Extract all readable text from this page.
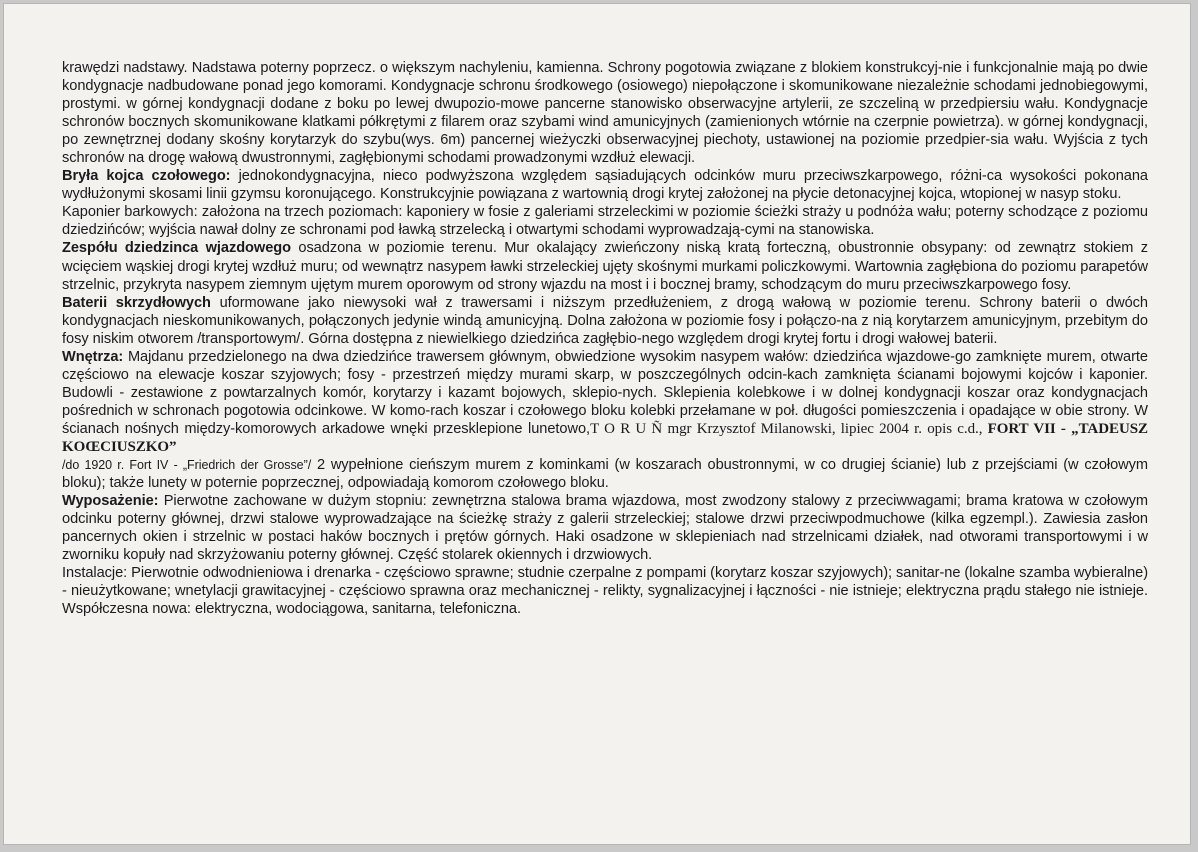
krawędzi nadstawy. Nadstawa poterny poprzecz. o większym nachyleniu, kamienna. Schrony pogotowia związane z blokiem konstrukcyj-nie i funkcjonalnie mają po dwie kondygnacje nadbudowane ponad jego komorami. Kondygnacje schronu środkowego (osiowego) niepołączone i skomunikowane niezależnie schodami jednobiegowymi, prostymi. w górnej kondygnacji dodane z boku po lewej dwupozio-mowe pancerne stanowisko obserwacyjne artylerii, ze szczeliną w przedpiersiu wału. Kondygnacje schronów bocznych skomunikowane klatkami półkrętymi z filarem oraz szybami wind amunicyjnych (zamienionych wtórnie na czerpnie powietrza). w górnej kondygnacji, po zewnętrznej dodany skośny korytarzyk do szybu(wys. 6m) pancernej wieżyczki obserwacyjnej piechoty, ustawionej na poziomie przedpier-sia wału. Wyjścia z tych schronów na drogę wałową dwustronnymi, zagłębionymi schodami prowadzonymi wzdłuż elewacji.

Bryła kojca czołowego: jednokondygnacyjna, nieco podwyższona względem sąsiadujących odcinków muru przeciwszkarpowego, różni-ca wysokości pokonana wydłużonymi skosami linii gzymsu koronującego. Konstrukcyjnie powiązana z wartownią drogi krytej założonej na płycie detonacyjnej kojca, wtopionej w nasyp stoku.

Kaponier barkowych: założona na trzech poziomach: kaponiery w fosie z galeriami strzeleckimi w poziomie ścieżki straży u podnóża wału; poterny schodzące z poziomu dziedzińców; wyjścia nawał dolny ze schronami pod ławką strzelecką i otwartymi schodami wyprowadzają-cymi na stanowiska.

Zespółu dziedzinca wjazdowego osadzona w poziomie terenu. Mur okalający zwieńczony niską kratą forteczną, obustronnie obsypany: od zewnątrz stokiem z wcięciem wąskiej drogi krytej wzdłuż muru; od wewnątrz nasypem ławki strzeleckiej ujęty skośnymi murkami policzkowymi. Wartownia zagłębiona do poziomu parapetów strzelnic, przykryta nasypem ziemnym ujętym murem oporowym od strony wjazdu na most i i bocznej bramy, schodzącym do muru przeciwszkarpowego fosy.

Baterii skrzydłowych uformowane jako niewysoki wał z trawersami i niższym przedłużeniem, z drogą wałową w poziomie terenu. Schrony baterii o dwóch kondygnacjach nieskomunikowanych, połączonych jedynie windą amunicyjną. Dolna założona w poziomie fosy i połączo-na z nią korytarzem amunicyjnym, przebitym do fosy niskim otworem /transportowym/. Górna dostępna z niewielkiego dziedzińca zagłębio-nego względem drogi krytej fortu i drogi wałowej baterii.

Wnętrza: Majdanu przedzielonego na dwa dziedzińce trawersem głównym, obwiedzione wysokim nasypem wałów: dziedzińca wjazdowe-go zamknięte murem, otwarte częściowo na elewacje koszar szyjowych; fosy - przestrzeń między murami skarp, w poszczególnych odcin-kach zamknięta ścianami bojowymi kojców i kaponier. Budowli - zestawione z powtarzalnych komór, korytarzy i kazamt bojowych, sklepio-nych. Sklepienia kolebkowe i w dolnej kondygnacji koszar oraz kondygnacjach pośrednich w schronach pogotowia odcinkowe. W komo-rach koszar i czołowego bloku kolebki przełamane w poł. długości pomieszczenia i opadające w obie strony. W ścianach nośnych między-komorowych arkadowe wnęki przesklepione lunetowo,T O R U Ñ mgr Krzysztof Milanowski, lipiec 2004 r. opis c.d., FORT VII - „TADEUSZ KOŒCIUSZKO”

/do 1920 r. Fort IV - „Friedrich der Grosse”/ 2 wypełnione cieńszym murem z kominkami (w koszarach obustronnymi, w co drugiej ścianie) lub z przejściami (w czołowym bloku); także lunety w poternie poprzecznej, odpowiadają komorom czołowego bloku.

Wyposażenie: Pierwotne zachowane w dużym stopniu: zewnętrzna stalowa brama wjazdowa, most zwodzony stalowy z przeciwwagami; brama kratowa w czołowym odcinku poterny głównej, drzwi stalowe wyprowadzające na ścieżkę straży z galerii strzeleckiej; stalowe drzwi przeciwpodmuchowe (kilka egzempl.). Zawiesia zasłon pancernych okien i strzelnic w postaci haków bocznych i prętów górnych. Haki osadzone w sklepieniach nad strzelnicami działek, nad otworami transportowymi i w zworniku kopuły nad skrzyżowaniu poterny głównej. Część stolarek okiennych i drzwiowych.

Instalacje: Pierwotnie odwodnieniowa i drenarka - częściowo sprawne; studnie czerpalne z pompami (korytarz koszar szyjowych); sanitar-ne (lokalne szamba wybieralne) - nieużytkowane; wnetylacji grawitacyjnej - częściowo sprawna oraz mechanicznej - relikty, sygnalizacyjnej i łączności - nie istnieje; elektryczna prądu stałego nie istnieje. Współczesna nowa: elektryczna, wodociągowa, sanitarna, telefoniczna.
